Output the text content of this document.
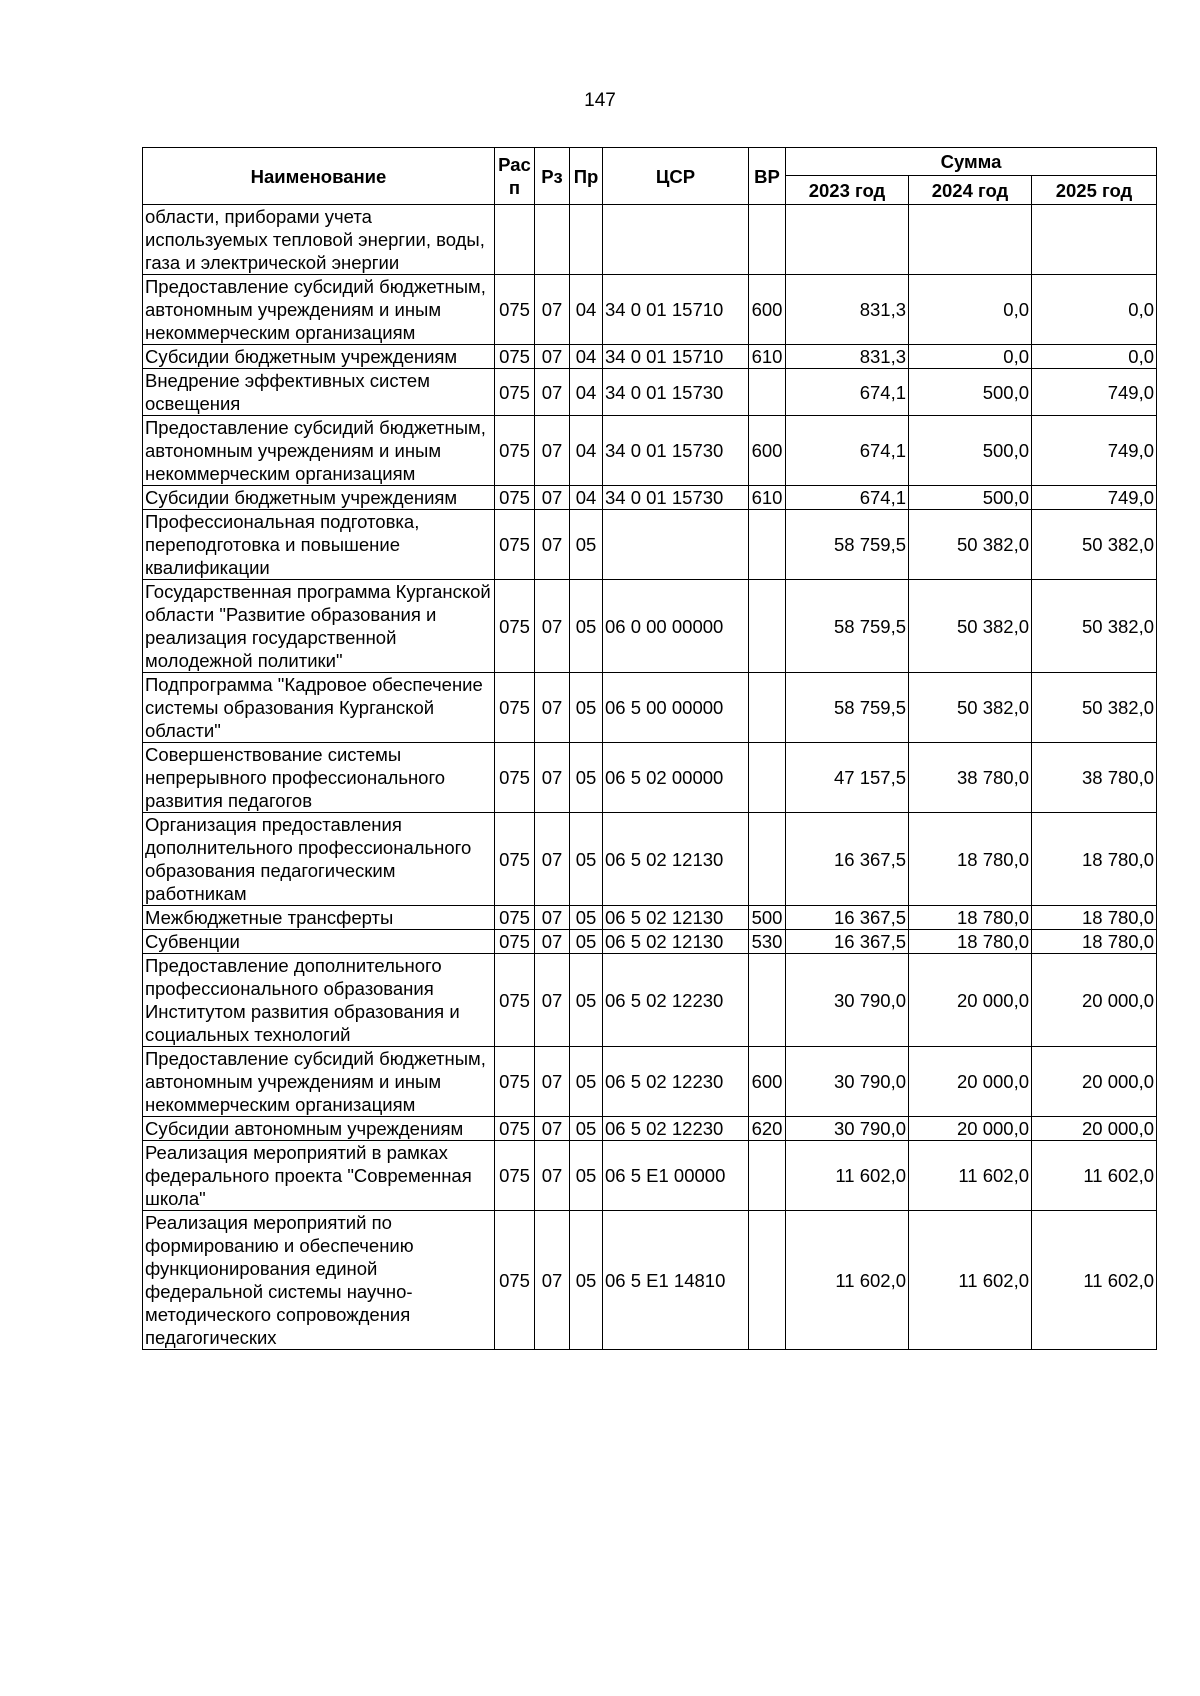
147
Наименование	Рас п	Рз	Пр	ЦСР	ВР	Сумма		
						2023 год	2024 год	2025 год
области, приборами учета используемых тепловой энергии, воды, газа и электрической энергии								
Предоставление субсидий бюджетным, автономным учреждениям и иным некоммерческим организациям	075	07	04	34 0 01 15710	600	831,3	0,0	0,0
Субсидии бюджетным учреждениям	075	07	04	34 0 01 15710	610	831,3	0,0	0,0
Внедрение эффективных систем освещения	075	07	04	34 0 01 15730		674,1	500,0	749,0
Предоставление субсидий бюджетным, автономным учреждениям и иным некоммерческим организациям	075	07	04	34 0 01 15730	600	674,1	500,0	749,0
Субсидии бюджетным учреждениям	075	07	04	34 0 01 15730	610	674,1	500,0	749,0
Профессиональная подготовка, переподготовка и повышение квалификации	075	07	05			58 759,5	50 382,0	50 382,0
Государственная программа Курганской области "Развитие образования и реализация государственной молодежной политики"	075	07	05	06 0 00 00000		58 759,5	50 382,0	50 382,0
Подпрограмма "Кадровое обеспечение системы образования Курганской области"	075	07	05	06 5 00 00000		58 759,5	50 382,0	50 382,0
Совершенствование системы непрерывного профессионального развития педагогов	075	07	05	06 5 02 00000		47 157,5	38 780,0	38 780,0
Организация предоставления дополнительного профессионального образования педагогическим работникам	075	07	05	06 5 02 12130		16 367,5	18 780,0	18 780,0
Межбюджетные трансферты	075	07	05	06 5 02 12130	500	16 367,5	18 780,0	18 780,0
Субвенции	075	07	05	06 5 02 12130	530	16 367,5	18 780,0	18 780,0
Предоставление дополнительного профессионального образования Институтом развития образования и социальных технологий	075	07	05	06 5 02 12230		30 790,0	20 000,0	20 000,0
Предоставление субсидий бюджетным, автономным учреждениям и иным некоммерческим организациям	075	07	05	06 5 02 12230	600	30 790,0	20 000,0	20 000,0
Субсидии автономным учреждениям	075	07	05	06 5 02 12230	620	30 790,0	20 000,0	20 000,0
Реализация мероприятий в рамках федерального проекта "Современная школа"	075	07	05	06 5 E1 00000		11 602,0	11 602,0	11 602,0
Реализация мероприятий по формированию и обеспечению функционирования единой федеральной системы научно-методического сопровождения педагогических	075	07	05	06 5 E1 14810		11 602,0	11 602,0	11 602,0
